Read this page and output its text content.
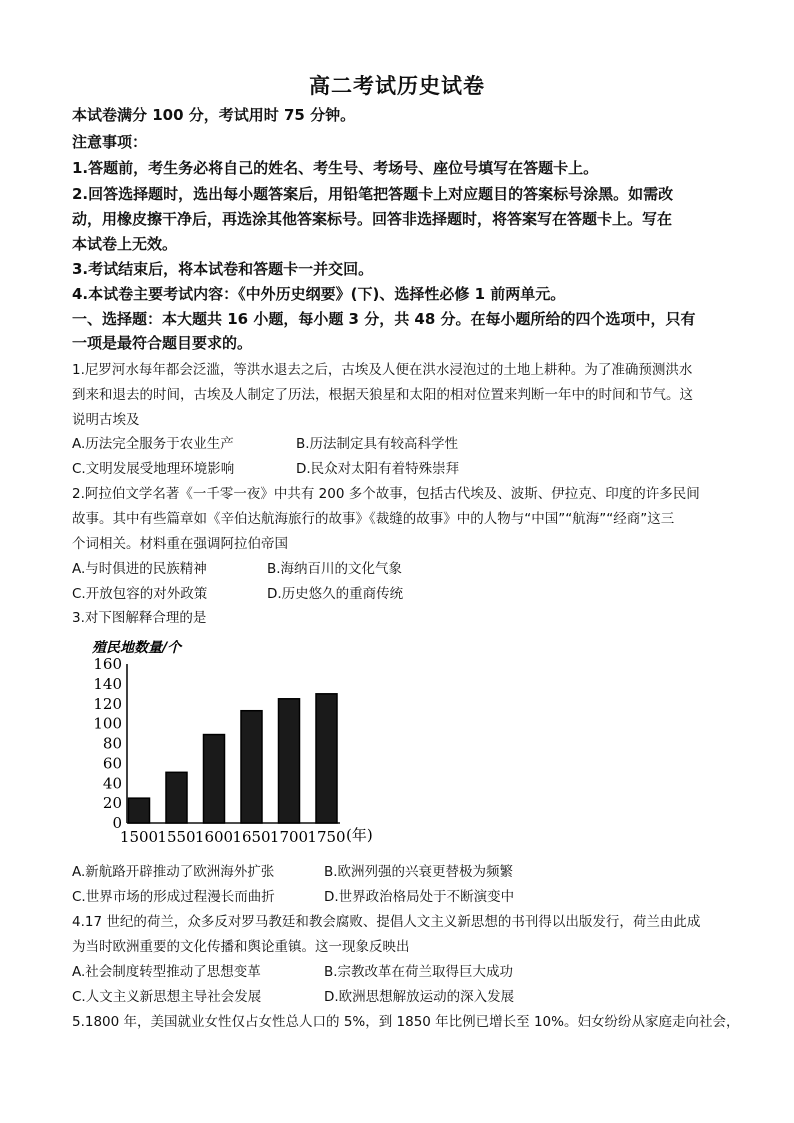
高二考试历史试卷
本试卷满分 100 分，考试用时 75 分钟。
注意事项：
1.答题前，考生务必将自己的姓名、考生号、考场号、座位号填写在答题卡上。
2.回答选择题时，选出每小题答案后，用铅笔把答题卡上对应题目的答案标号涂黑。如需改
动，用橡皮擦干净后，再选涂其他答案标号。回答非选择题时，将答案写在答题卡上。写在
本试卷上无效。
3.考试结束后，将本试卷和答题卡一并交回。
4.本试卷主要考试内容：《中外历史纲要》(下)、选择性必修 1 前两单元。
一、选择题：本大题共 16 小题，每小题 3 分，共 48 分。在每小题所给的四个选项中，只有
一项是最符合题目要求的。
1.尼罗河水每年都会泛滥，等洪水退去之后，古埃及人便在洪水浸泡过的土地上耕种。为了准确预测洪水
到来和退去的时间，古埃及人制定了历法，根据天狼星和太阳的相对位置来判断一年中的时间和节气。这
说明古埃及
A.历法完全服务于农业生产	B.历法制定具有较高科学性
C.文明发展受地理环境影响	D.民众对太阳有着特殊崇拜
2.阿拉伯文学名著《一千零一夜》中共有 200 多个故事，包括古代埃及、波斯、伊拉克、印度的许多民间
故事。其中有些篇章如《辛伯达航海旅行的故事》《裁缝的故事》中的人物与“中国”“航海”“经商”这三
个词相关。材料重在强调阿拉伯帝国
A.与时俱进的民族精神	B.海纳百川的文化气象
C.开放包容的对外政策	D.历史悠久的重商传统
3.对下图解释合理的是
殖民地数量/个
160
140
120
100
80
60
40
20
0
1500 1550 1600 1650 1700 1750 (年)
A.新航路开辟推动了欧洲海外扩张	B.欧洲列强的兴衰更替极为频繁
C.世界市场的形成过程漫长而曲折	D.世界政治格局处于不断演变中
4.17 世纪的荷兰，众多反对罗马教廷和教会腐败、提倡人文主义新思想的书刊得以出版发行，荷兰由此成
为当时欧洲重要的文化传播和舆论重镇。这一现象反映出
A.社会制度转型推动了思想变革	B.宗教改革在荷兰取得巨大成功
C.人文主义新思想主导社会发展	D.欧洲思想解放运动的深入发展
5.1800 年，美国就业女性仅占女性总人口的 5%，到 1850 年比例已增长至 10%。妇女纷纷从家庭走向社会，
